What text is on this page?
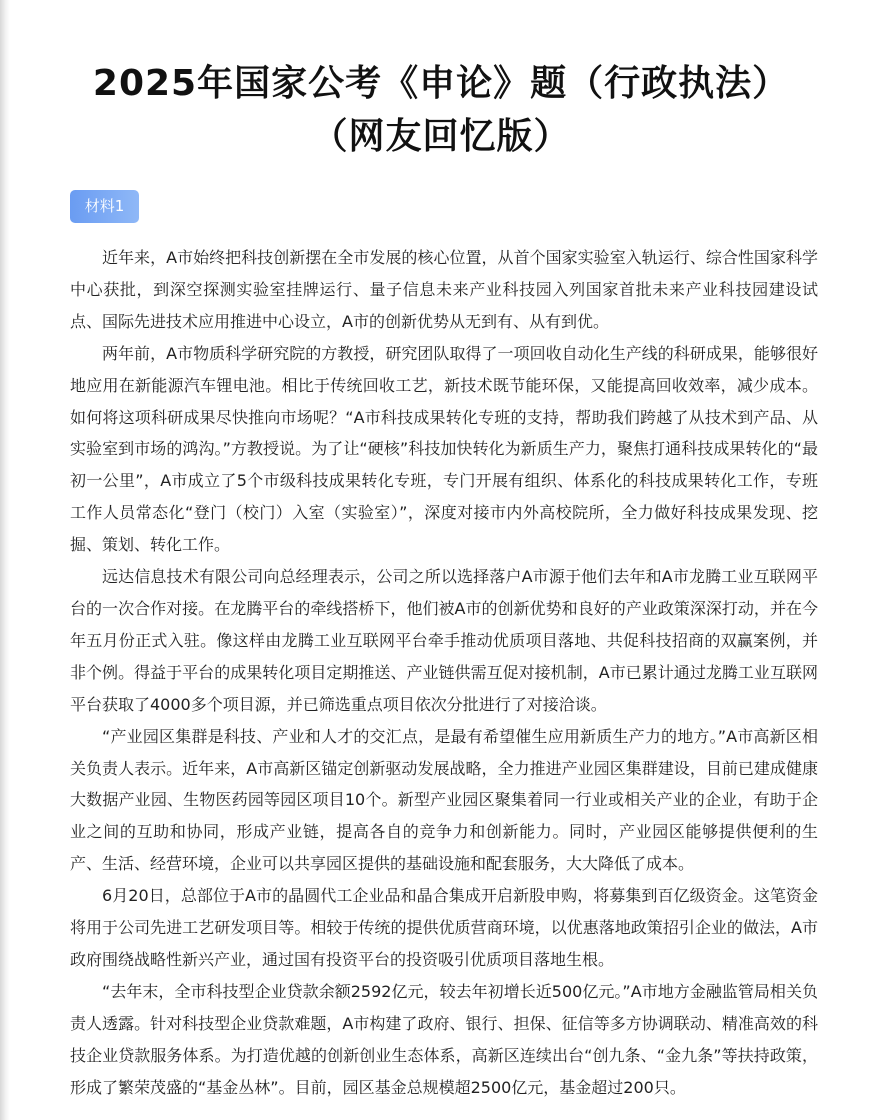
2025年国家公考《申论》题（行政执法）
（网友回忆版）
材料1

近年来，A市始终把科技创新摆在全市发展的核心位置，从首个国家实验室入轨运行、综合性国家科学中心获批，到深空探测实验室挂牌运行、量子信息未来产业科技园入列国家首批未来产业科技园建设试点、国际先进技术应用推进中心设立，A市的创新优势从无到有、从有到优。

两年前，A市物质科学研究院的方教授，研究团队取得了一项回收自动化生产线的科研成果，能够很好地应用在新能源汽车锂电池。相比于传统回收工艺，新技术既节能环保，又能提高回收效率，减少成本。如何将这项科研成果尽快推向市场呢？“A市科技成果转化专班的支持，帮助我们跨越了从技术到产品、从实验室到市场的鸿沟。”方教授说。为了让“硬核”科技加快转化为新质生产力，聚焦打通科技成果转化的“最初一公里”，A市成立了5个市级科技成果转化专班，专门开展有组织、体系化的科技成果转化工作，专班工作人员常态化“登门（校门）入室（实验室）”，深度对接市内外高校院所，全力做好科技成果发现、挖掘、策划、转化工作。

远达信息技术有限公司向总经理表示，公司之所以选择落户A市源于他们去年和A市龙腾工业互联网平台的一次合作对接。在龙腾平台的牵线搭桥下，他们被A市的创新优势和良好的产业政策深深打动，并在今年五月份正式入驻。像这样由龙腾工业互联网平台牵手推动优质项目落地、共促科技招商的双赢案例，并非个例。得益于平台的成果转化项目定期推送、产业链供需互促对接机制，A市已累计通过龙腾工业互联网平台获取了4000多个项目源，并已筛选重点项目依次分批进行了对接洽谈。

“产业园区集群是科技、产业和人才的交汇点，是最有希望催生应用新质生产力的地方。”A市高新区相关负责人表示。近年来，A市高新区锚定创新驱动发展战略，全力推进产业园区集群建设，目前已建成健康大数据产业园、生物医药园等园区项目10个。新型产业园区聚集着同一行业或相关产业的企业，有助于企业之间的互助和协同，形成产业链，提高各自的竞争力和创新能力。同时，产业园区能够提供便利的生产、生活、经营环境，企业可以共享园区提供的基础设施和配套服务，大大降低了成本。

6月20日，总部位于A市的晶圆代工企业品和晶合集成开启新股申购，将募集到百亿级资金。这笔资金将用于公司先进工艺研发项目等。相较于传统的提供优质营商环境，以优惠落地政策招引企业的做法，A市政府围绕战略性新兴产业，通过国有投资平台的投资吸引优质项目落地生根。

“去年末，全市科技型企业贷款余额2592亿元，较去年初增长近500亿元。”A市地方金融监管局相关负责人透露。针对科技型企业贷款难题，A市构建了政府、银行、担保、征信等多方协调联动、精准高效的科技企业贷款服务体系。为打造优越的创新创业生态体系，高新区连续出台“创九条、“金九条”等扶持政策，形成了繁荣茂盛的“基金丛林”。目前，园区基金总规模超2500亿元，基金超过200只。
